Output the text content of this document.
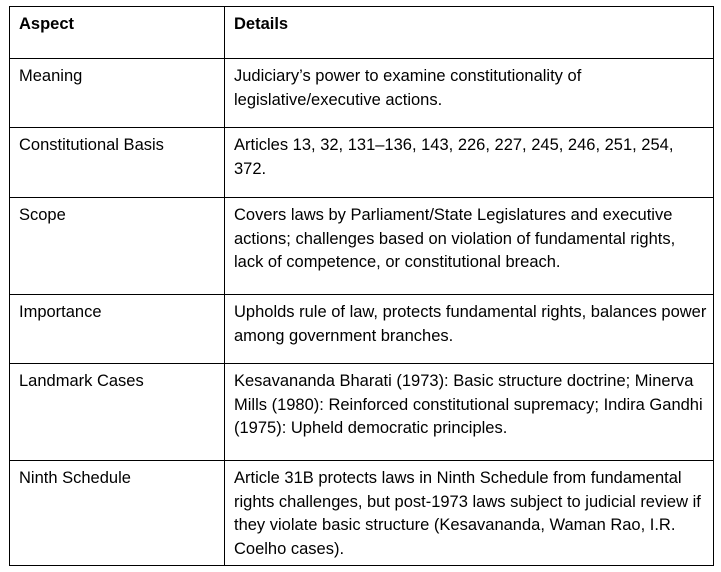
Aspect	Details
Meaning	Judiciary’s power to examine constitutionality of legislative/executive actions.
Constitutional Basis	Articles 13, 32, 131–136, 143, 226, 227, 245, 246, 251, 254, 372.
Scope	Covers laws by Parliament/State Legislatures and executive actions; challenges based on violation of fundamental rights, lack of competence, or constitutional breach.
Importance	Upholds rule of law, protects fundamental rights, balances power among government branches.
Landmark Cases	Kesavananda Bharati (1973): Basic structure doctrine; Minerva Mills (1980): Reinforced constitutional supremacy; Indira Gandhi (1975): Upheld democratic principles.
Ninth Schedule	Article 31B protects laws in Ninth Schedule from fundamental rights challenges, but post-1973 laws subject to judicial review if they violate basic structure (Kesavananda, Waman Rao, I.R. Coelho cases).
